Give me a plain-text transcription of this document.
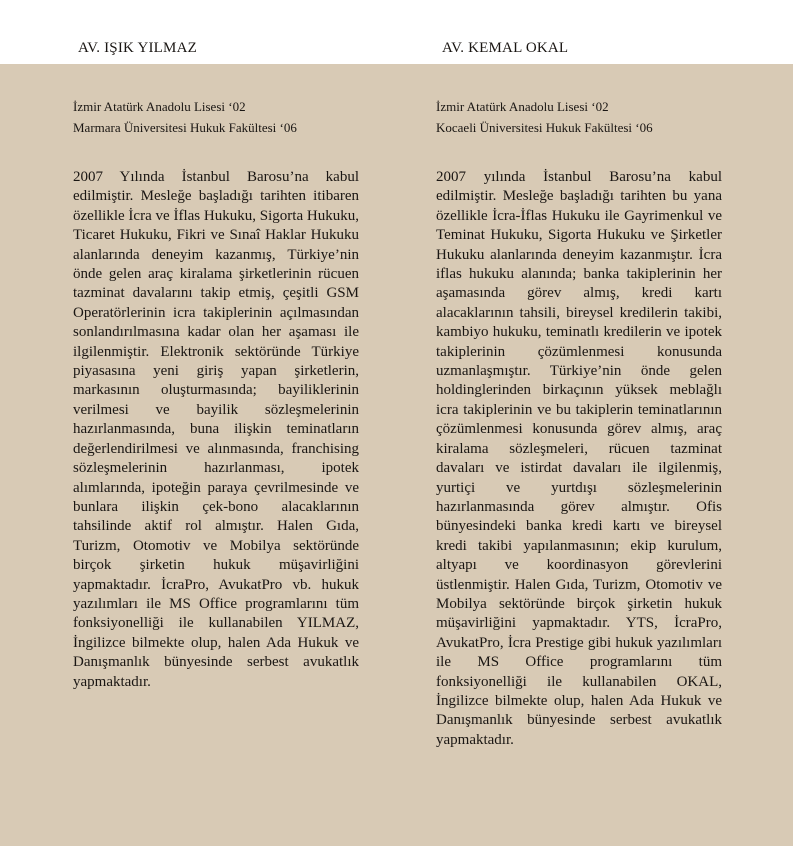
AV. IŞIK YILMAZ	AV. KEMAL OKAL
İzmir Atatürk Anadolu Lisesi ‘02
Marmara Üniversitesi Hukuk Fakültesi ‘06

2007 Yılında İstanbul Barosu’na kabul edilmiştir. Mesleğe başladığı tarihten itibaren özellikle İcra ve İflas Hukuku, Sigorta Hukuku, Ticaret Hukuku, Fikri ve Sınaî Haklar Hukuku alanlarında deneyim kazanmış, Türkiye’nin önde gelen araç kiralama şirketlerinin rücuen tazminat davalarını takip etmiş, çeşitli GSM Operatörlerinin icra takiplerinin açılmasından sonlandırılmasına kadar olan her aşaması ile ilgilenmiştir. Elektronik sektöründe Türkiye piyasasına yeni giriş yapan şirketlerin, markasının oluşturmasında; bayiliklerinin verilmesi ve bayilik sözleşmelerinin hazırlanmasında, buna ilişkin teminatların değerlendirilmesi ve alınmasında, franchising sözleşmelerinin hazırlanması, ipotek alımlarında, ipoteğin paraya çevrilmesinde ve bunlara ilişkin çek-bono alacaklarının tahsilinde aktif rol almıştır. Halen Gıda, Turizm, Otomotiv ve Mobilya sektöründe birçok şirketin hukuk müşavirliğini yapmaktadır. İcraPro, AvukatPro vb. hukuk yazılımları ile MS Office programlarını tüm fonksiyonelliği ile kullanabilen YILMAZ, İngilizce bilmekte olup, halen Ada Hukuk ve Danışmanlık bünyesinde serbest avukatlık yapmaktadır.

İzmir Atatürk Anadolu Lisesi ‘02
Kocaeli Üniversitesi Hukuk Fakültesi ‘06

2007 yılında İstanbul Barosu’na kabul edilmiştir. Mesleğe başladığı tarihten bu yana özellikle İcra-İflas Hukuku ile Gayrimenkul ve Teminat Hukuku, Sigorta Hukuku ve Şirketler Hukuku alanlarında deneyim kazanmıştır. İcra iflas hukuku alanında; banka takiplerinin her aşamasında görev almış, kredi kartı alacaklarının tahsili, bireysel kredilerin takibi, kambiyo hukuku, teminatlı kredilerin ve ipotek takiplerinin çözümlenmesi konusunda uzmanlaşmıştır. Türkiye’nin önde gelen holdinglerinden birkaçının yüksek meblağlı icra takiplerinin ve bu takiplerin teminatlarının çözümlenmesi konusunda görev almış, araç kiralama sözleşmeleri, rücuen tazminat davaları ve istirdat davaları ile ilgilenmiş, yurtiçi ve yurtdışı sözleşmelerinin hazırlanmasında görev almıştır. Ofis bünyesindeki banka kredi kartı ve bireysel kredi takibi yapılanmasının; ekip kurulum, altyapı ve koordinasyon görevlerini üstlenmiştir. Halen Gıda, Turizm, Otomotiv ve Mobilya sektöründe birçok şirketin hukuk müşavirliğini yapmaktadır. YTS, İcraPro, AvukatPro, İcra Prestige gibi hukuk yazılımları ile MS Office programlarını tüm fonksiyonelliği ile kullanabilen OKAL, İngilizce bilmekte olup, halen Ada Hukuk ve Danışmanlık bünyesinde serbest avukatlık yapmaktadır.
